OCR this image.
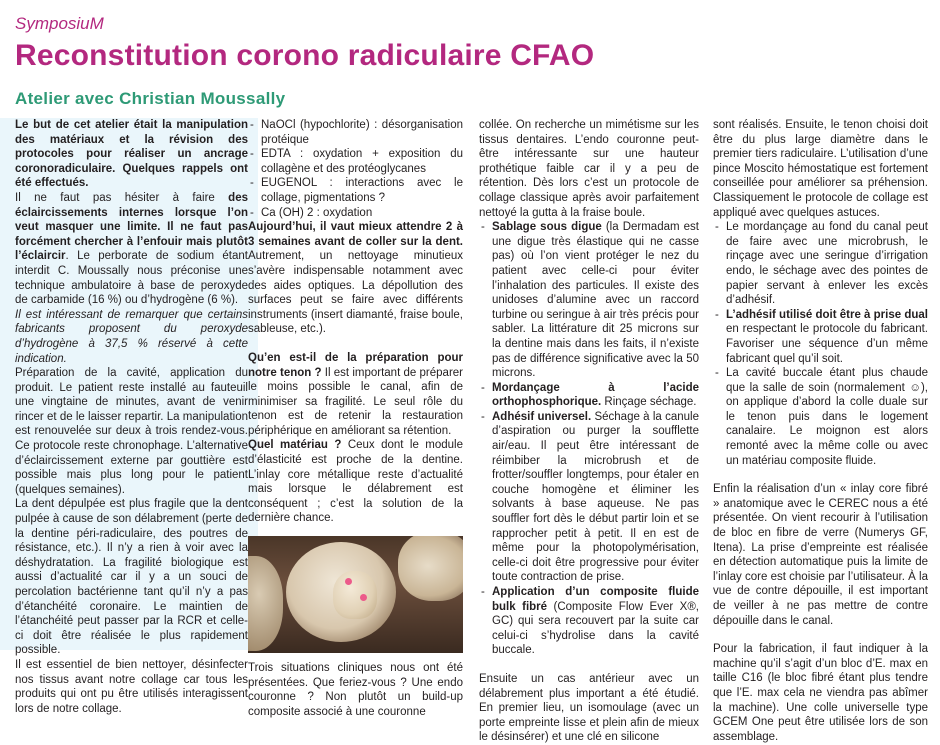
SymposiuM
Reconstitution corono radiculaire CFAO
Atelier avec Christian Moussally

Le but de cet atelier était la manipulation des matériaux et la révision des protocoles pour réaliser un ancrage coronoradiculaire. Quelques rappels ont été effectués.

Il ne faut pas hésiter à faire des éclaircissements internes lorsque l’on veut masquer une limite. Il ne faut pas forcément chercher à l’enfouir mais plutôt l’éclaircir. Le perborate de sodium étant interdit C. Moussally nous préconise une technique ambulatoire à base de peroxyde de carbamide (16 %) ou d’hydrogène (6 %).

Il est intéressant de remarquer que certains fabricants proposent du peroxyde d’hydrogène à 37,5 % réservé à cette indication.

Préparation de la cavité, application du produit. Le patient reste installé au fauteuil une vingtaine de minutes, avant de venir rincer et de le laisser repartir. La manipulation est renouvelée sur deux à trois rendez-vous. Ce protocole reste chronophage. L’alternative d’éclaircissement externe par gouttière est possible mais plus long pour le patient (quelques semaines).

La dent dépulpée est plus fragile que la dent pulpée à cause de son délabrement (perte de la dentine péri-radiculaire, des poutres de résistance, etc.). Il n’y a rien à voir avec la déshydratation. La fragilité biologique est aussi d’actualité car il y a un souci de percolation bactérienne tant qu’il n’y a pas d’étanchéité coronaire. Le maintien de l’étanchéité peut passer par la RCR et celle-ci doit être réalisée le plus rapidement possible.

Il est essentiel de bien nettoyer, désinfecter nos tissus avant notre collage car tous les produits qui ont pu être utilisés interagissent lors de notre collage.

- NaOCl (hypochlorite) : désorganisation protéique
- EDTA : oxydation + exposition du collagène et des protéoglycanes
- EUGENOL : interactions avec le collage, pigmentations ?
- Ca (OH) 2 : oxydation

Aujourd’hui, il vaut mieux attendre 2 à 3 semaines avant de coller sur la dent. Autrement, un nettoyage minutieux s’avère indispensable notamment avec des aides optiques. La dépollution des surfaces peut se faire avec différents instruments (insert diamanté, fraise boule, sableuse, etc.).

Qu’en est-il de la préparation pour notre tenon ? Il est important de préparer le moins possible le canal, afin de minimiser sa fragilité. Le seul rôle du tenon est de retenir la restauration périphérique en améliorant sa rétention.

Quel matériau ? Ceux dont le module d’élasticité est proche de la dentine. L’inlay core métallique reste d’actualité mais lorsque le délabrement est conséquent ; c’est la solution de la dernière chance.

Trois situations cliniques nous ont été présentées. Que feriez-vous ? Une endo couronne ? Non plutôt un build-up composite associé à une couronne

collée. On recherche un mimétisme sur les tissus dentaires. L’endo couronne peut-être intéressante sur une hauteur prothétique faible car il y a peu de rétention. Dès lors c’est un protocole de collage classique après avoir parfaitement nettoyé la gutta à la fraise boule.

- Sablage sous digue (la Dermadam est une digue très élastique qui ne casse pas) où l’on vient protéger le nez du patient avec celle-ci pour éviter l’inhalation des particules. Il existe des unidoses d’alumine avec un raccord turbine ou seringue à air très précis pour sabler. La littérature dit 25 microns sur la dentine mais dans les faits, il n’existe pas de différence significative avec la 50 microns.
- Mordançage à l’acide orthophosphorique. Rinçage séchage.
- Adhésif universel. Séchage à la canule d’aspiration ou purger la soufflette air/eau. Il peut être intéressant de réimbiber la microbrush et de frotter/souffler longtemps, pour étaler en couche homogène et éliminer les solvants à base aqueuse. Ne pas souffler fort dès le début partir loin et se rapprocher petit à petit. Il en est de même pour la photopolymérisation, celle-ci doit être progressive pour éviter toute contraction de prise.
- Application d’un composite fluide bulk fibré (Composite Flow Ever X®, GC) qui sera recouvert par la suite car celui-ci s’hydrolise dans la cavité buccale.

Ensuite un cas antérieur avec un délabrement plus important a été étudié. En premier lieu, un isomoulage (avec un porte empreinte lisse et plein afin de mieux le désinsérer) et une clé en silicone

sont réalisés. Ensuite, le tenon choisi doit être du plus large diamètre dans le premier tiers radiculaire. L’utilisation d’une pince Moscito hémostatique est fortement conseillée pour améliorer sa préhension. Classiquement le protocole de collage est appliqué avec quelques astuces.

- Le mordançage au fond du canal peut de faire avec une microbrush, le rinçage avec une seringue d’irrigation endo, le séchage avec des pointes de papier servant à enlever les excès d’adhésif.
- L’adhésif utilisé doit être à prise dual en respectant le protocole du fabricant. Favoriser une séquence d’un même fabricant quel qu’il soit.
- La cavité buccale étant plus chaude que la salle de soin (normalement ☺), on applique d’abord la colle duale sur le tenon puis dans le logement canalaire. Le moignon est alors remonté avec la même colle ou avec un matériau composite fluide.

Enfin la réalisation d’un « inlay core fibré » anatomique avec le CEREC nous a été présentée. On vient recourir à l’utilisation de bloc en fibre de verre (Numerys GF, Itena). La prise d’empreinte est réalisée en détection automatique puis la limite de l’inlay core est choisie par l’utilisateur. À la vue de contre dépouille, il est important de veiller à ne pas mettre de contre dépouille dans le canal.

Pour la fabrication, il faut indiquer à la machine qu’il s’agit d’un bloc d’E. max en taille C16 (le bloc fibré étant plus tendre que l’E. max cela ne viendra pas abîmer la machine). Une colle universelle type GCEM One peut être utilisée lors de son assemblage.
